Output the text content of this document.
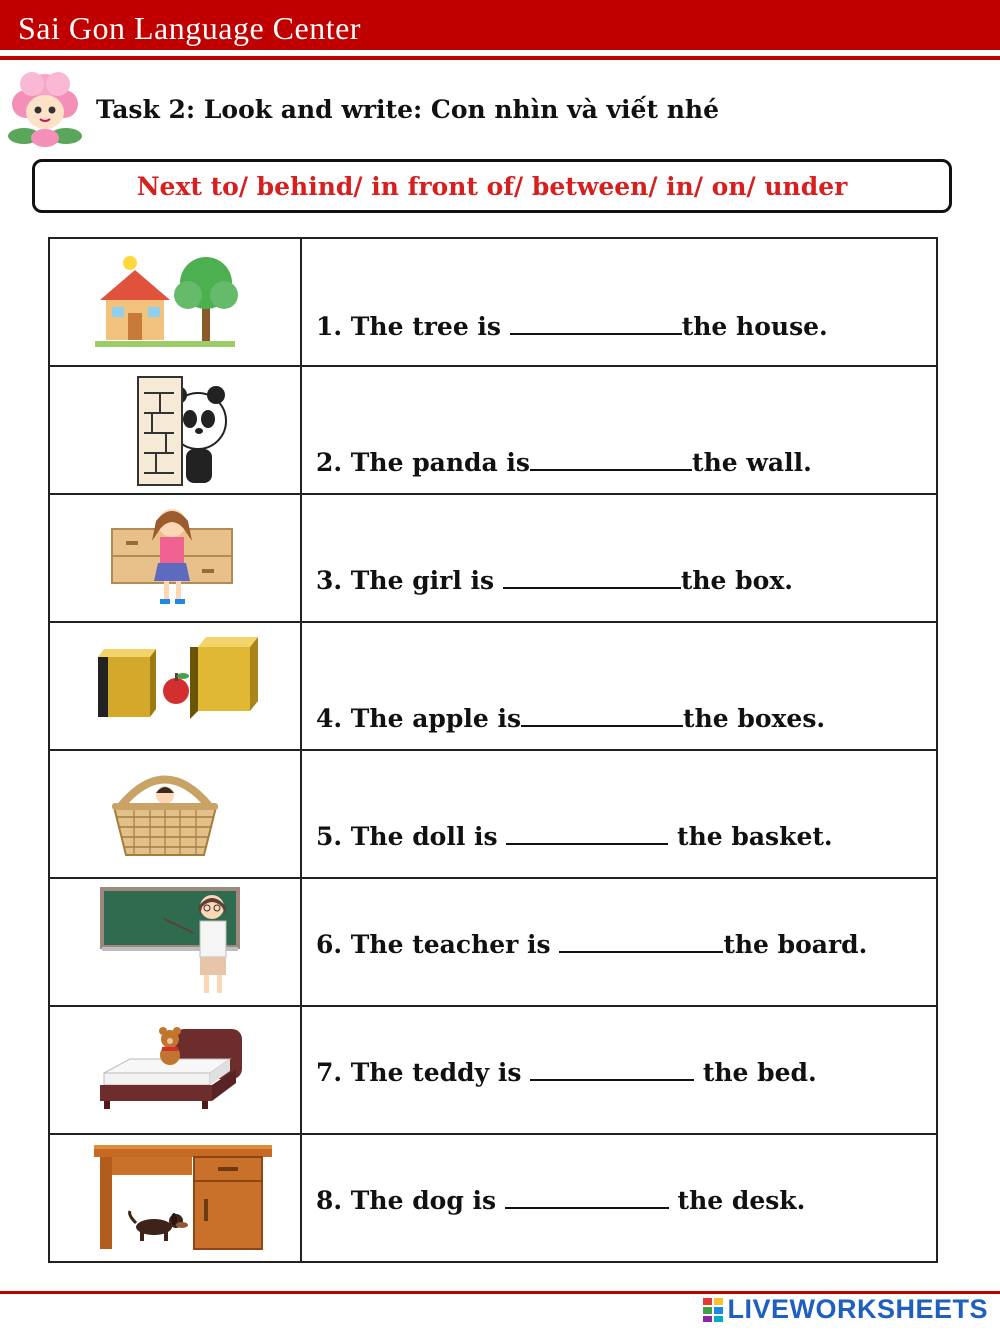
Sai Gon Language Center
Task 2: Look and write: Con nhìn và viết nhé
Next to/ behind/ in front of/ between/ in/ on/ under

1. The tree is the house.

2. The panda is the wall.

3. The girl is the box.

4. The apple is the boxes.

5. The doll is the basket.

6. The teacher is the board.

7. The teddy is the bed.

8. The dog is the desk.
LIVEWORKSHEETS
